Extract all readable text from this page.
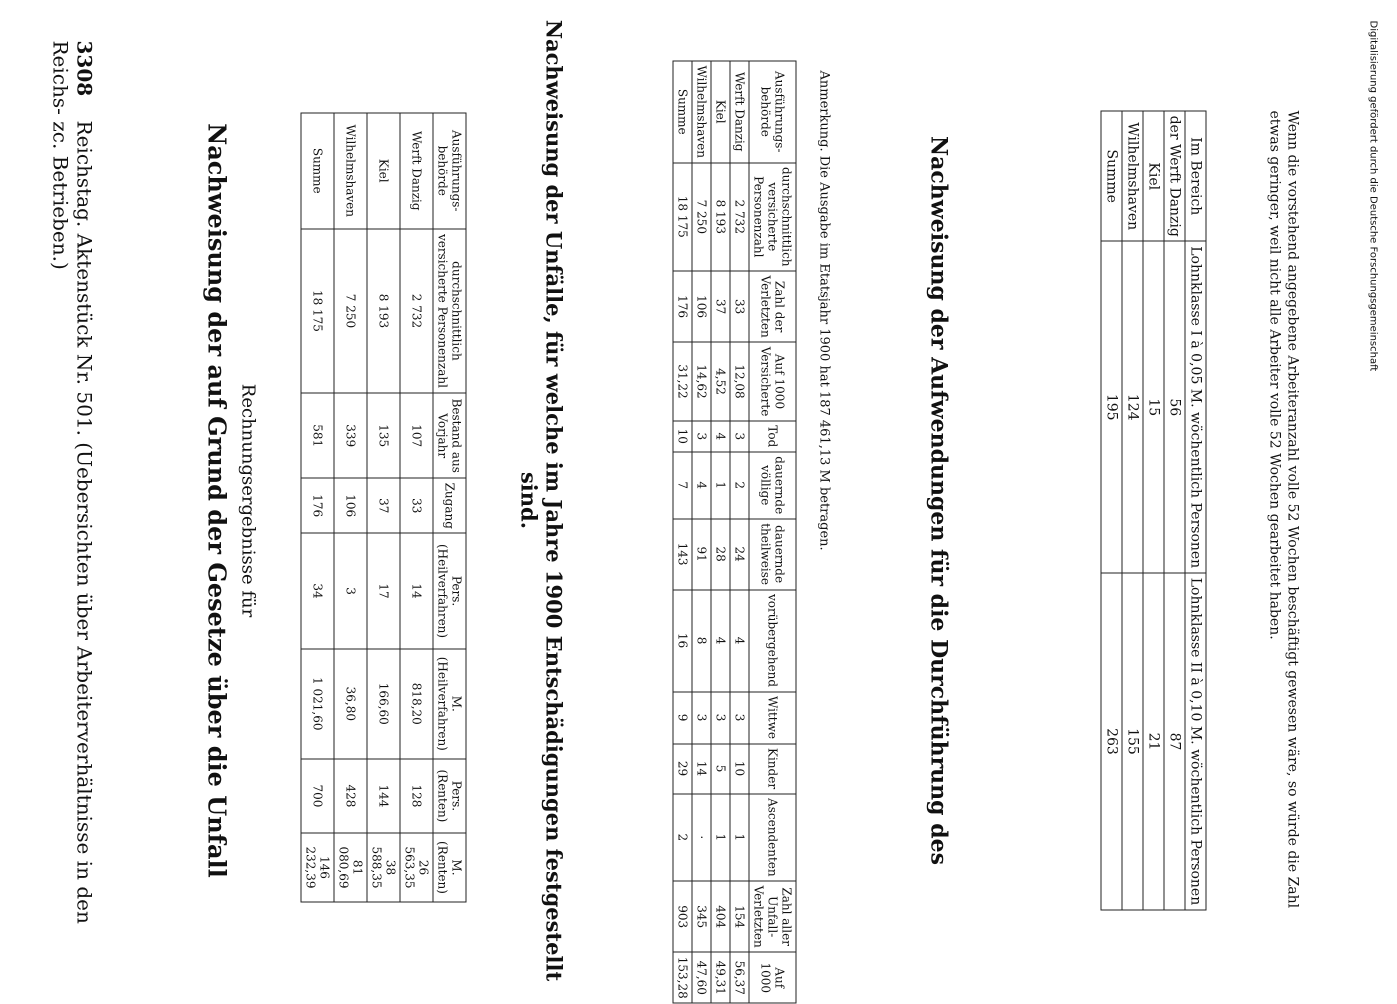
3308 Reichstag. Aktenstück Nr. 501. (Uebersichten über Arbeiterverhältnisse in den Reichs- zc. Betrieben.)	Nachweisung der auf Grund der Gesetze über die Unfall Rechnungsergebnisse für
Ausführungs-behörde	durchschnittlich versicherte Personenzahl	Bestand aus Vorjahr	Zugang	Pers. (Heilverfahren)	M. (Heilverfahren)	Pers. (Renten)	M. (Renten)
Werft Danzig	2 732	107	33	14	818,20	128	26 563,35
Kiel	8 193	135	37	17	166,60	144	38 588,35
Wilhelmshaven	7 250	339	106	3	36,80	428	81 080,69
Summe	18 175	581	176	34	1 021,60	700	146 232,39	Nachweisung der Unfälle, für welche im Jahre 1900 Entschädigungen festgestellt sind.
Ausführungs-behörde	durchschnittlich versicherte Personenzahl	Zahl der Verletzten	Auf 1000 Versicherte	Tod	dauernde völlige	dauernde theilweise	vorübergehend	Wittwe	Kinder	Ascendenten	Zahl aller Unfall-Verletzten	Auf 1000
Werft Danzig	2 732	33	12,08	3	2	24	4	3	10	1	154	56,37
Kiel	8 193	37	4,52	4	1	28	4	3	5	1	404	49,31
Wilhelmshaven	7 250	106	14,62	3	4	91	8	3	14	·	345	47,60
Summe	18 175	176	31,22	10	7	143	16	9	29	2	903	153,28
Anmerkung. Die Ausgabe im Etatsjahr 1900 hat 187 461,13 M betragen.	Nachweisung der Aufwendungen für die Durchführung des	Im Bereich	Lohnklasse I à 0,05 M. wöchentlich Personen	Lohnklasse II à 0,10 M. wöchentlich Personen
der Werft Danzig	56	87
Kiel	15	21
Wilhelmshaven	124	155
Summe	195	263	Wenn die vorstehend angegebene Arbeiteranzahl volle 52 Wochen beschäftigt gewesen wäre, so würde die Zahl etwas geringer, weil nicht alle Arbeiter volle 52 Wochen gearbeitet haben.	Digitalisierung gefördert durch die Deutsche Forschungsgemeinschaft
